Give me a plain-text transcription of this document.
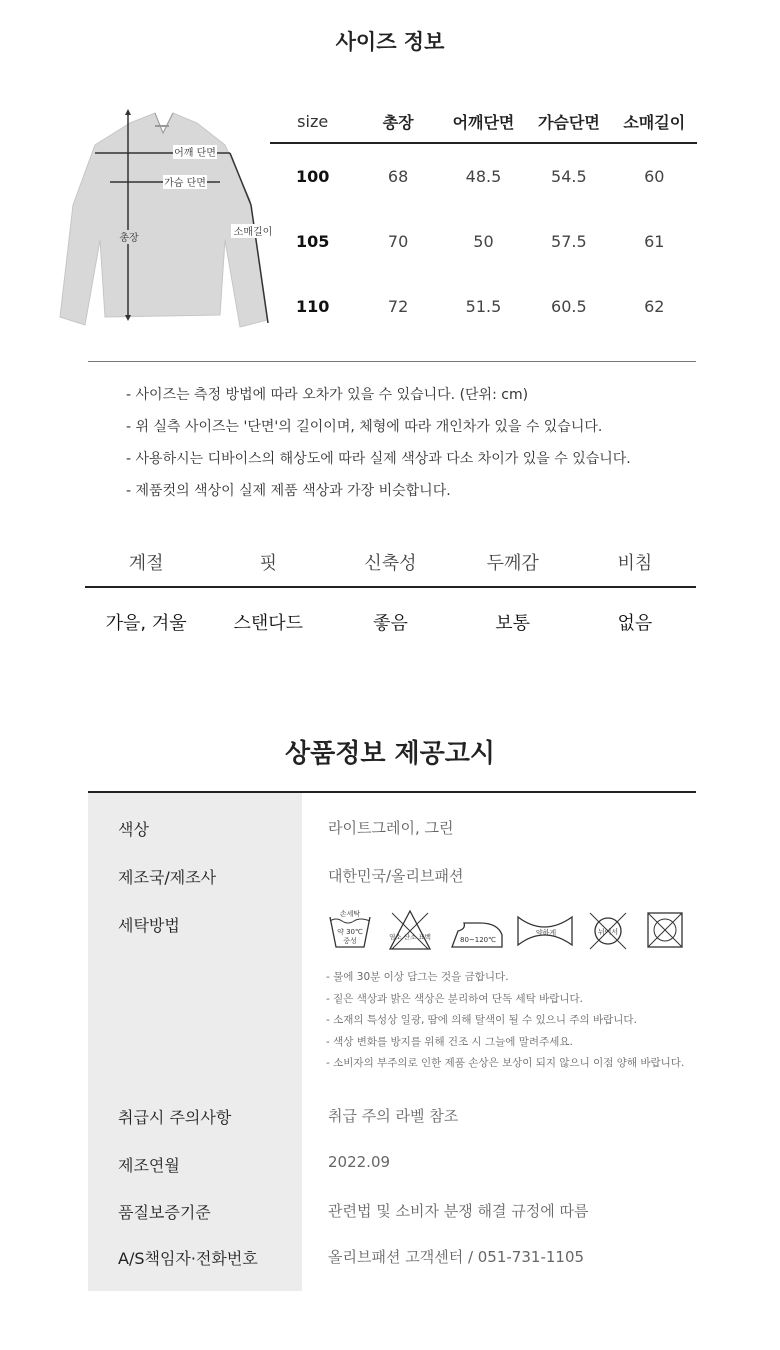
사이즈 정보
어깨 단면
가슴 단면
총장
소매길이
size	총장	어깨단면	가슴단면	소매길이
100	68	48.5	54.5	60
105	70	50	57.5	61
110	72	51.5	60.5	62
- 사이즈는 측정 방법에 따라 오차가 있을 수 있습니다. (단위: cm)
- 위 실측 사이즈는 '단면'의 길이이며, 체형에 따라 개인차가 있을 수 있습니다.
- 사용하시는 디바이스의 해상도에 따라 실제 색상과 다소 차이가 있을 수 있습니다.
- 제품컷의 색상이 실제 제품 색상과 가장 비슷합니다.
계절	핏	신축성	두께감	비침
가을, 겨울	스탠다드	좋음	보통	없음
상품정보 제공고시
색상	라이트그레이, 그린
제조국/제조사	대한민국/올리브패션
세탁방법
손세탁
약 30℃
중성	염소 산소 표백	80~120℃
약하게	뉘어서
- 물에 30분 이상 담그는 것을 금합니다.
- 짙은 색상과 밝은 색상은 분리하여 단독 세탁 바랍니다.
- 소재의 특성상 일광, 땀에 의해 탈색이 될 수 있으니 주의 바랍니다.
- 색상 변화를 방지를 위해 건조 시 그늘에 말려주세요.
- 소비자의 부주의로 인한 제품 손상은 보상이 되지 않으니 이점 양해 바랍니다.
취급시 주의사항	취급 주의 라벨 참조
제조연월	2022.09
품질보증기준	관련법 및 소비자 분쟁 해결 규정에 따름
A/S책임자·전화번호	올리브패션 고객센터 / 051-731-1105
